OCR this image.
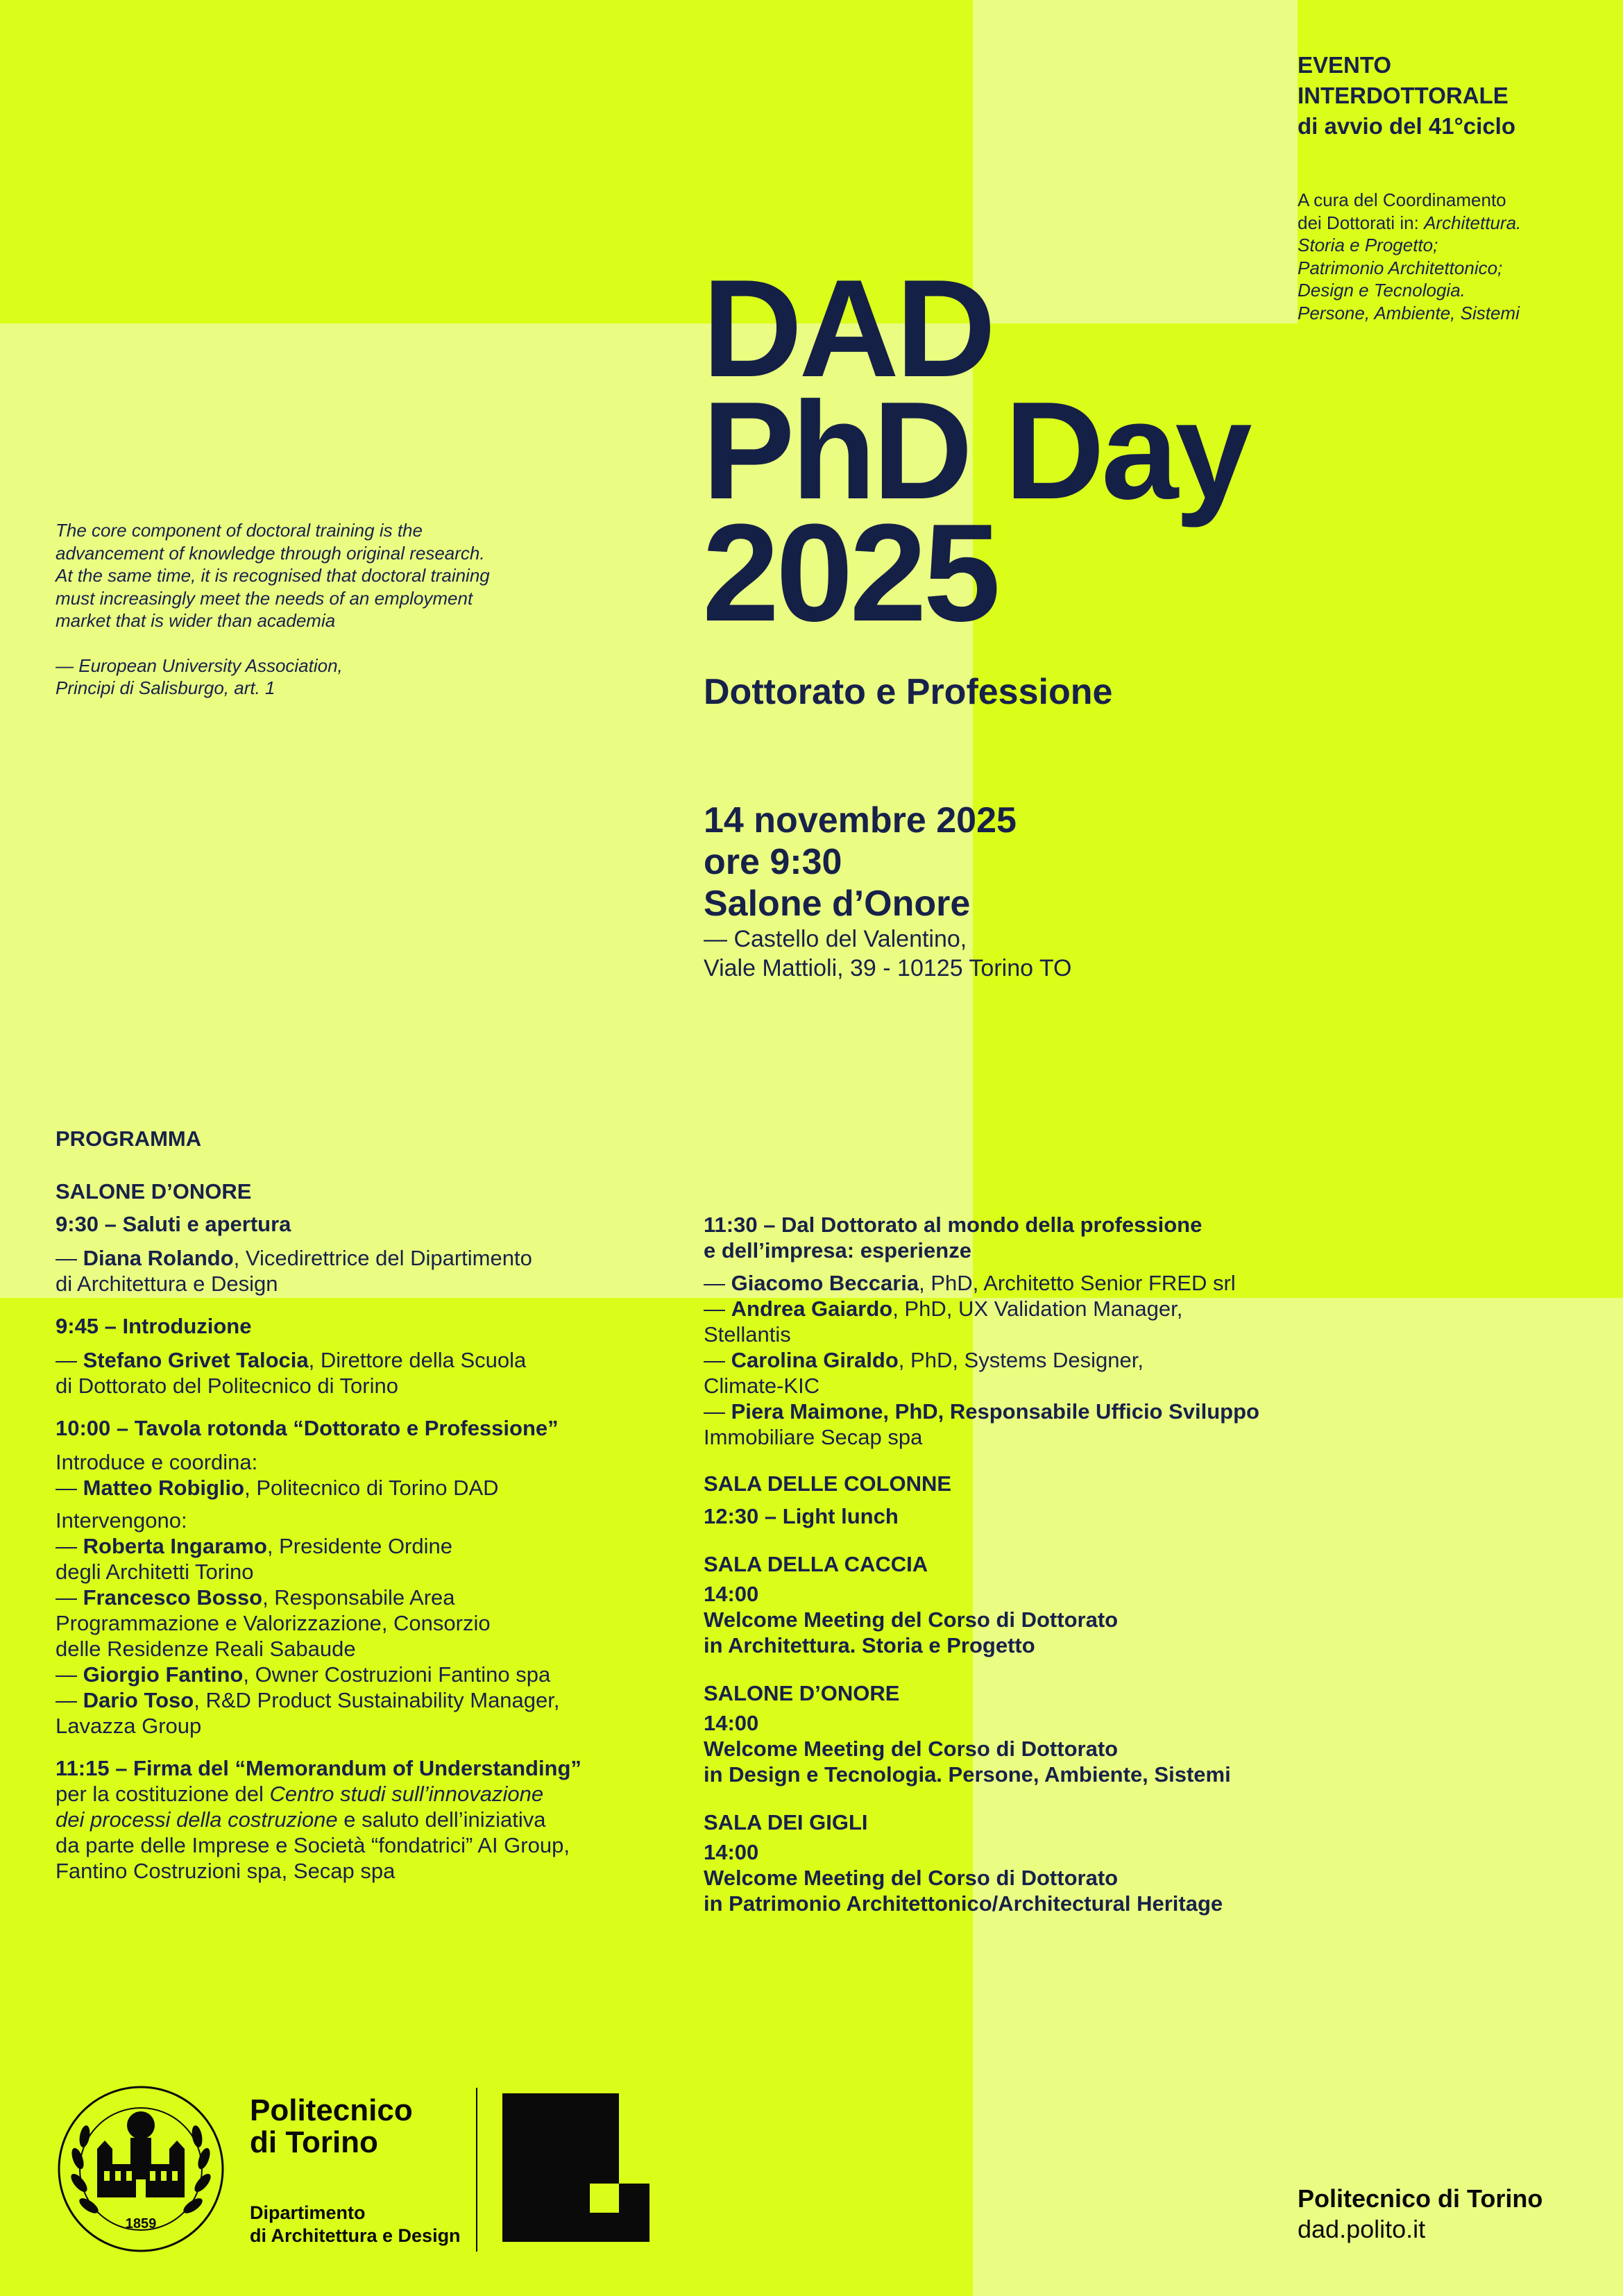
EVENTO
INTERDOTTORALE
di avvio del 41°ciclo
A cura del Coordinamento
dei Dottorati in: Architettura.
Storia e Progetto;
Patrimonio Architettonico;
Design e Tecnologia.
Persone, Ambiente, Sistemi
DAD
PhD Day
2025
Dottorato e Professione
The core component of doctoral training is the
advancement of knowledge through original research.
At the same time, it is recognised that doctoral training
must increasingly meet the needs of an employment
market that is wider than academia
— European University Association,
Principi di Salisburgo, art. 1
14 novembre 2025
ore 9:30
Salone d’Onore
— Castello del Valentino,
Viale Mattioli, 39 - 10125 Torino TO
PROGRAMMA
SALONE D’ONORE
9:30 – Saluti e apertura
— Diana Rolando, Vicedirettrice del Dipartimento
di Architettura e Design
9:45 – Introduzione
— Stefano Grivet Talocia, Direttore della Scuola
di Dottorato del Politecnico di Torino
10:00 – Tavola rotonda “Dottorato e Professione”
Introduce e coordina:
— Matteo Robiglio, Politecnico di Torino DAD
Intervengono:
— Roberta Ingaramo, Presidente Ordine
degli Architetti Torino
— Francesco Bosso, Responsabile Area
Programmazione e Valorizzazione, Consorzio
delle Residenze Reali Sabaude
— Giorgio Fantino, Owner Costruzioni Fantino spa
— Dario Toso, R&D Product Sustainability Manager,
Lavazza Group
11:15 – Firma del “Memorandum of Understanding”
per la costituzione del Centro studi sull’innovazione
dei processi della costruzione e saluto dell’iniziativa
da parte delle Imprese e Società “fondatrici” AI Group,
Fantino Costruzioni spa, Secap spa
11:30 – Dal Dottorato al mondo della professione
e dell’impresa: esperienze
— Giacomo Beccaria, PhD, Architetto Senior FRED srl
— Andrea Gaiardo, PhD, UX Validation Manager,
Stellantis
— Carolina Giraldo, PhD, Systems Designer,
Climate-KIC
— Piera Maimone, PhD, Responsabile Ufficio Sviluppo
Immobiliare Secap spa
SALA DELLE COLONNE
12:30 – Light lunch
SALA DELLA CACCIA
14:00
Welcome Meeting del Corso di Dottorato
in Architettura. Storia e Progetto
SALONE D’ONORE
14:00
Welcome Meeting del Corso di Dottorato
in Design e Tecnologia. Persone, Ambiente, Sistemi
SALA DEI GIGLI
14:00
Welcome Meeting del Corso di Dottorato
in Patrimonio Architettonico/Architectural Heritage
1859
Politecnico
di Torino
Dipartimento
di Architettura e Design
Politecnico di Torino
dad.polito.it
